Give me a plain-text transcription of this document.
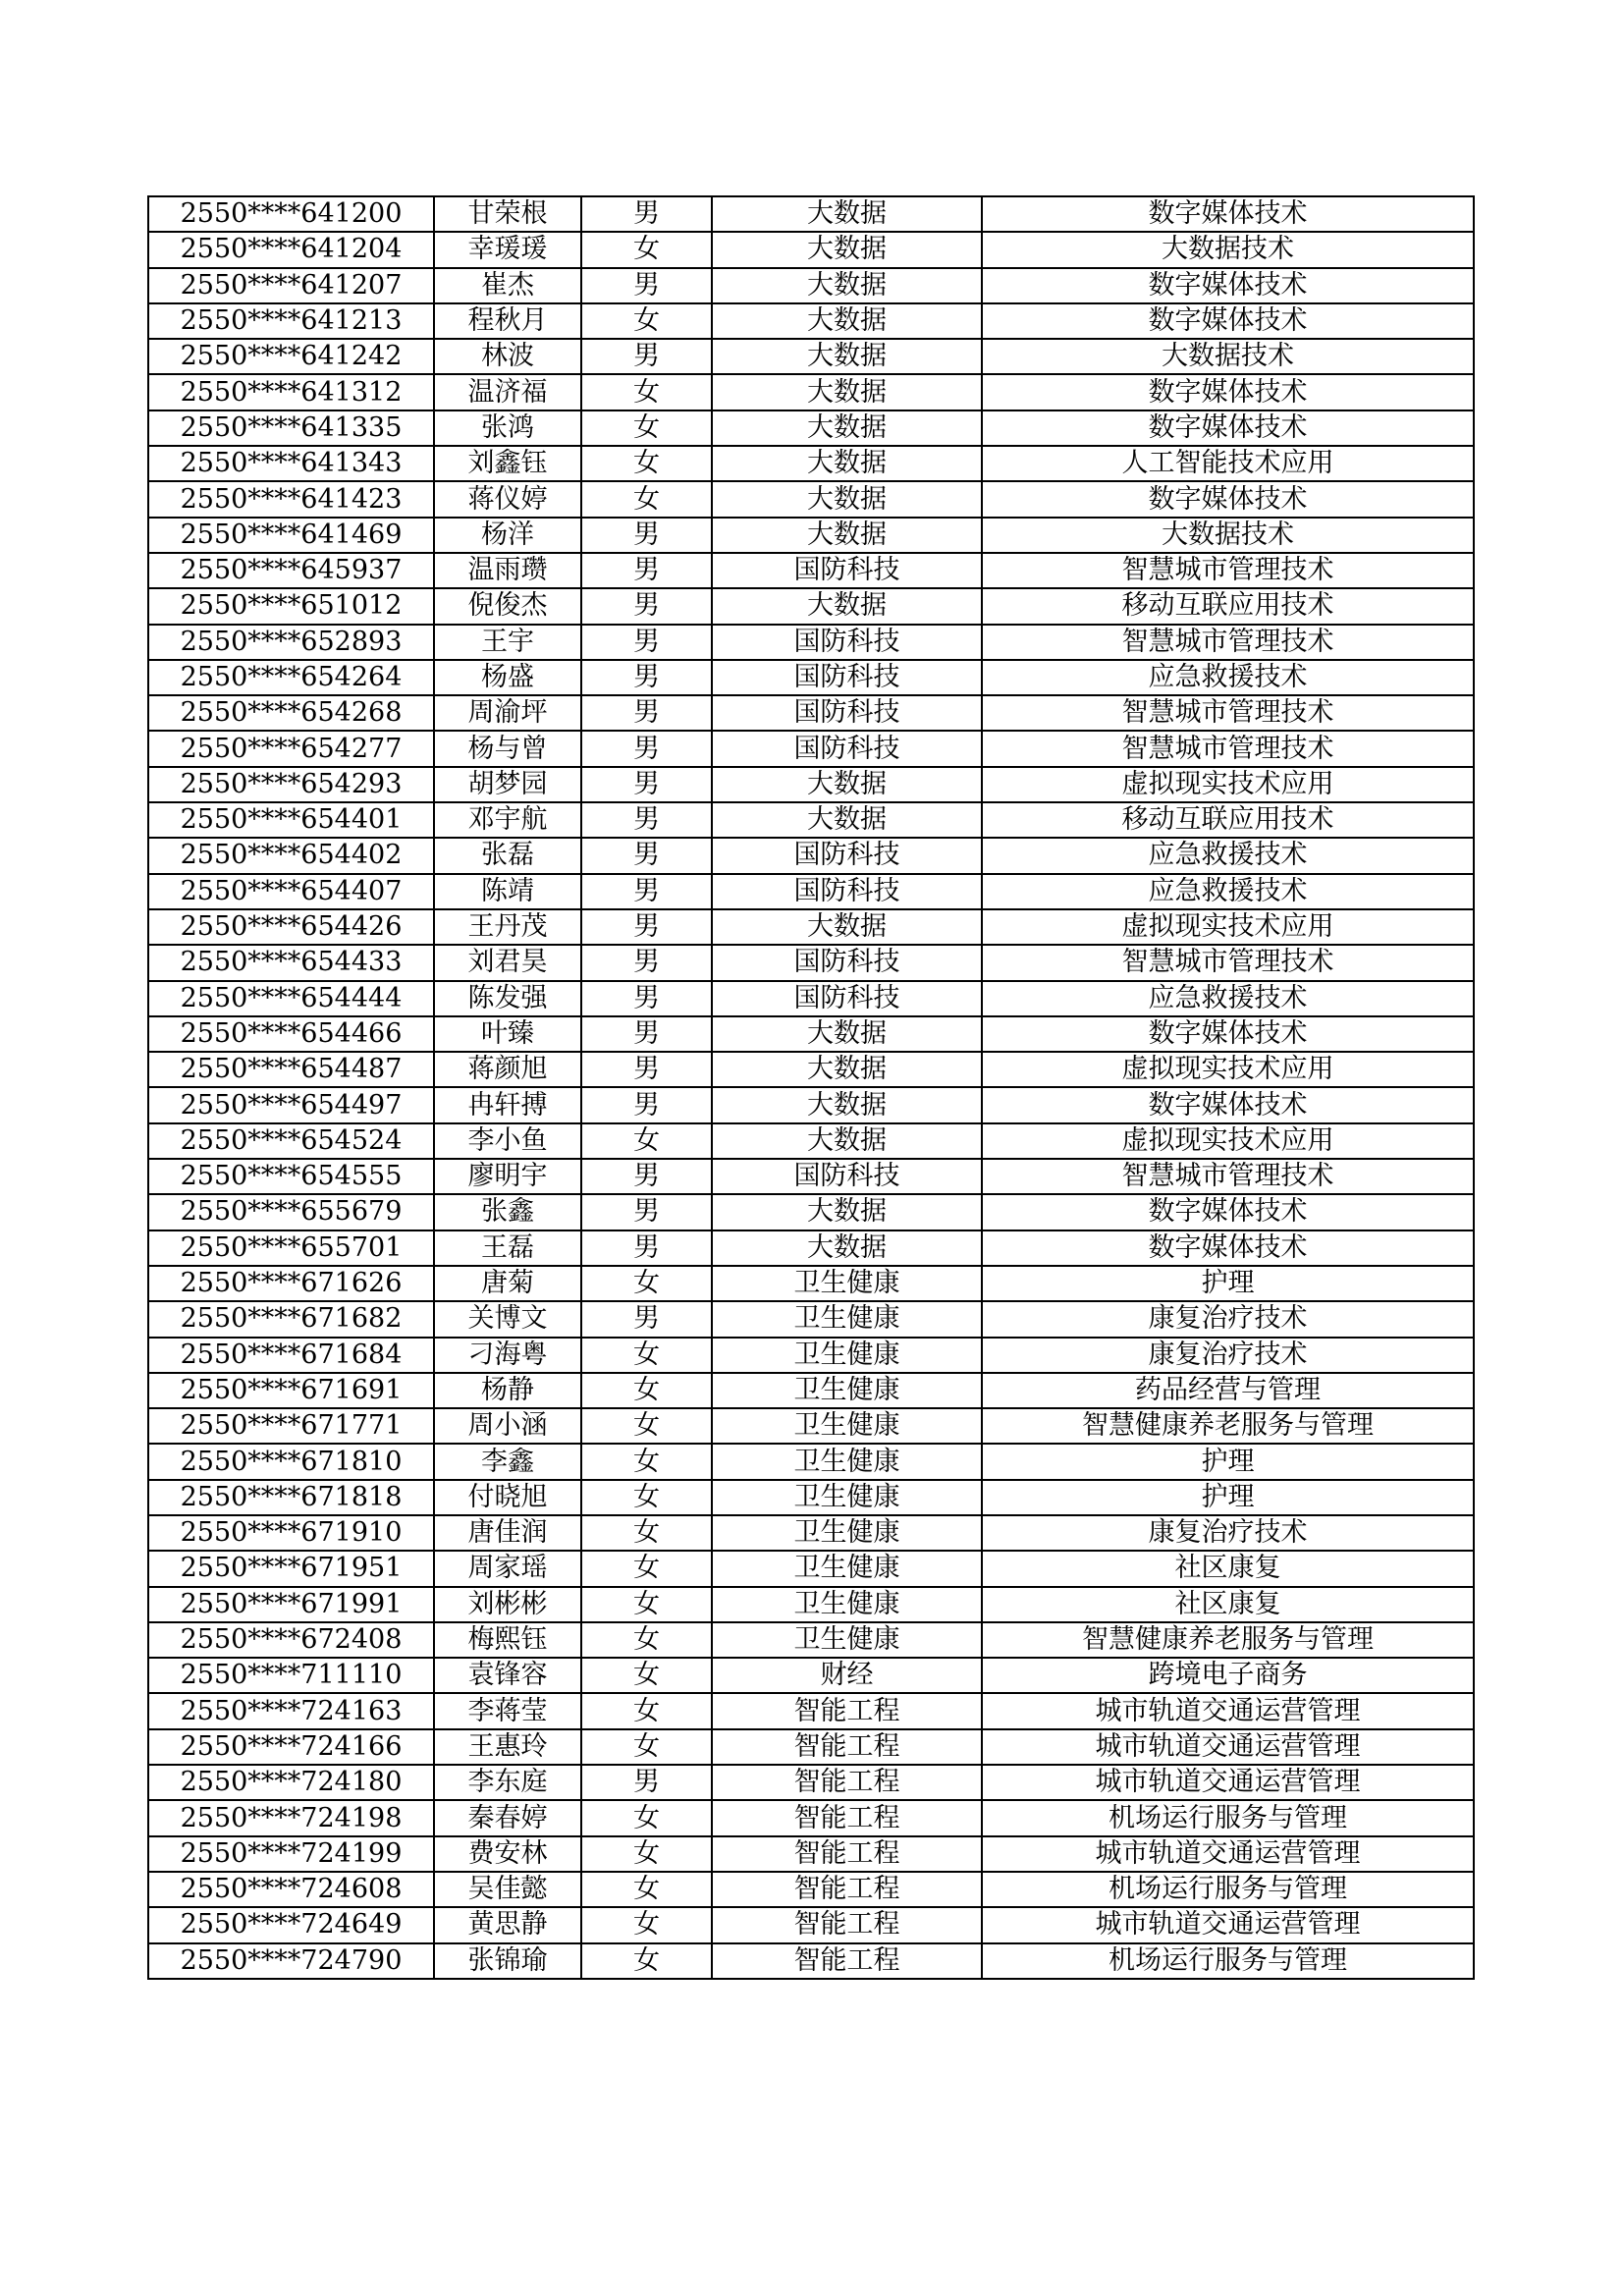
2550****641200	甘荣根	男	大数据	数字媒体技术
2550****641204	幸瑗瑗	女	大数据	大数据技术
2550****641207	崔杰	男	大数据	数字媒体技术
2550****641213	程秋月	女	大数据	数字媒体技术
2550****641242	林波	男	大数据	大数据技术
2550****641312	温济福	女	大数据	数字媒体技术
2550****641335	张鸿	女	大数据	数字媒体技术
2550****641343	刘鑫钰	女	大数据	人工智能技术应用
2550****641423	蒋仪婷	女	大数据	数字媒体技术
2550****641469	杨洋	男	大数据	大数据技术
2550****645937	温雨瓒	男	国防科技	智慧城市管理技术
2550****651012	倪俊杰	男	大数据	移动互联应用技术
2550****652893	王宇	男	国防科技	智慧城市管理技术
2550****654264	杨盛	男	国防科技	应急救援技术
2550****654268	周渝坪	男	国防科技	智慧城市管理技术
2550****654277	杨与曾	男	国防科技	智慧城市管理技术
2550****654293	胡梦园	男	大数据	虚拟现实技术应用
2550****654401	邓宇航	男	大数据	移动互联应用技术
2550****654402	张磊	男	国防科技	应急救援技术
2550****654407	陈靖	男	国防科技	应急救援技术
2550****654426	王丹茂	男	大数据	虚拟现实技术应用
2550****654433	刘君昊	男	国防科技	智慧城市管理技术
2550****654444	陈发强	男	国防科技	应急救援技术
2550****654466	叶臻	男	大数据	数字媒体技术
2550****654487	蒋颜旭	男	大数据	虚拟现实技术应用
2550****654497	冉轩搏	男	大数据	数字媒体技术
2550****654524	李小鱼	女	大数据	虚拟现实技术应用
2550****654555	廖明宇	男	国防科技	智慧城市管理技术
2550****655679	张鑫	男	大数据	数字媒体技术
2550****655701	王磊	男	大数据	数字媒体技术
2550****671626	唐菊	女	卫生健康	护理
2550****671682	关博文	男	卫生健康	康复治疗技术
2550****671684	刁海粤	女	卫生健康	康复治疗技术
2550****671691	杨静	女	卫生健康	药品经营与管理
2550****671771	周小涵	女	卫生健康	智慧健康养老服务与管理
2550****671810	李鑫	女	卫生健康	护理
2550****671818	付晓旭	女	卫生健康	护理
2550****671910	唐佳润	女	卫生健康	康复治疗技术
2550****671951	周家瑶	女	卫生健康	社区康复
2550****671991	刘彬彬	女	卫生健康	社区康复
2550****672408	梅熙钰	女	卫生健康	智慧健康养老服务与管理
2550****711110	袁锋容	女	财经	跨境电子商务
2550****724163	李蒋莹	女	智能工程	城市轨道交通运营管理
2550****724166	王惠玲	女	智能工程	城市轨道交通运营管理
2550****724180	李东庭	男	智能工程	城市轨道交通运营管理
2550****724198	秦春婷	女	智能工程	机场运行服务与管理
2550****724199	费安林	女	智能工程	城市轨道交通运营管理
2550****724608	吴佳懿	女	智能工程	机场运行服务与管理
2550****724649	黄思静	女	智能工程	城市轨道交通运营管理
2550****724790	张锦瑜	女	智能工程	机场运行服务与管理
